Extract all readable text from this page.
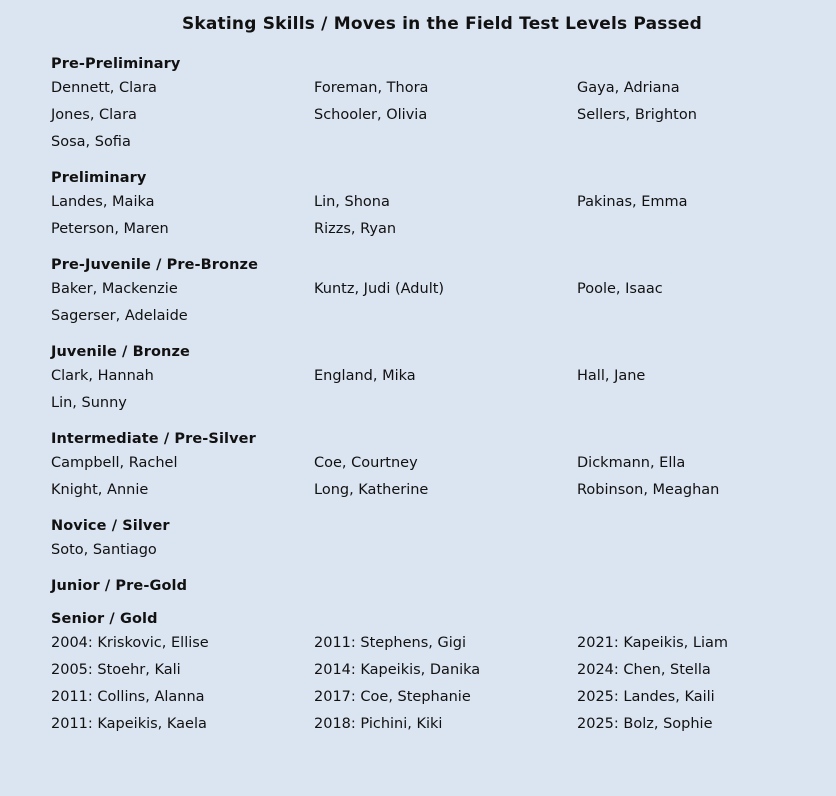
Skating Skills / Moves in the Field Test Levels Passed
Pre-Preliminary
Dennett, Clara	Foreman, Thora	Gaya, Adriana
Jones, Clara	Schooler, Olivia	Sellers, Brighton
Sosa, Sofia
Preliminary
Landes, Maika	Lin, Shona	Pakinas, Emma
Peterson, Maren	Rizzs, Ryan
Pre-Juvenile / Pre-Bronze
Baker, Mackenzie	Kuntz, Judi (Adult)	Poole, Isaac
Sagerser, Adelaide
Juvenile / Bronze
Clark, Hannah	England, Mika	Hall, Jane
Lin, Sunny
Intermediate / Pre-Silver
Campbell, Rachel	Coe, Courtney	Dickmann, Ella
Knight, Annie	Long, Katherine	Robinson, Meaghan
Novice / Silver
Soto, Santiago
Junior / Pre-Gold
Senior / Gold
2004: Kriskovic, Ellise	2011: Stephens, Gigi	2021: Kapeikis, Liam
2005: Stoehr, Kali	2014: Kapeikis, Danika	2024: Chen, Stella
2011: Collins, Alanna	2017: Coe, Stephanie	2025: Landes, Kaili
2011: Kapeikis, Kaela	2018: Pichini, Kiki	2025: Bolz, Sophie
